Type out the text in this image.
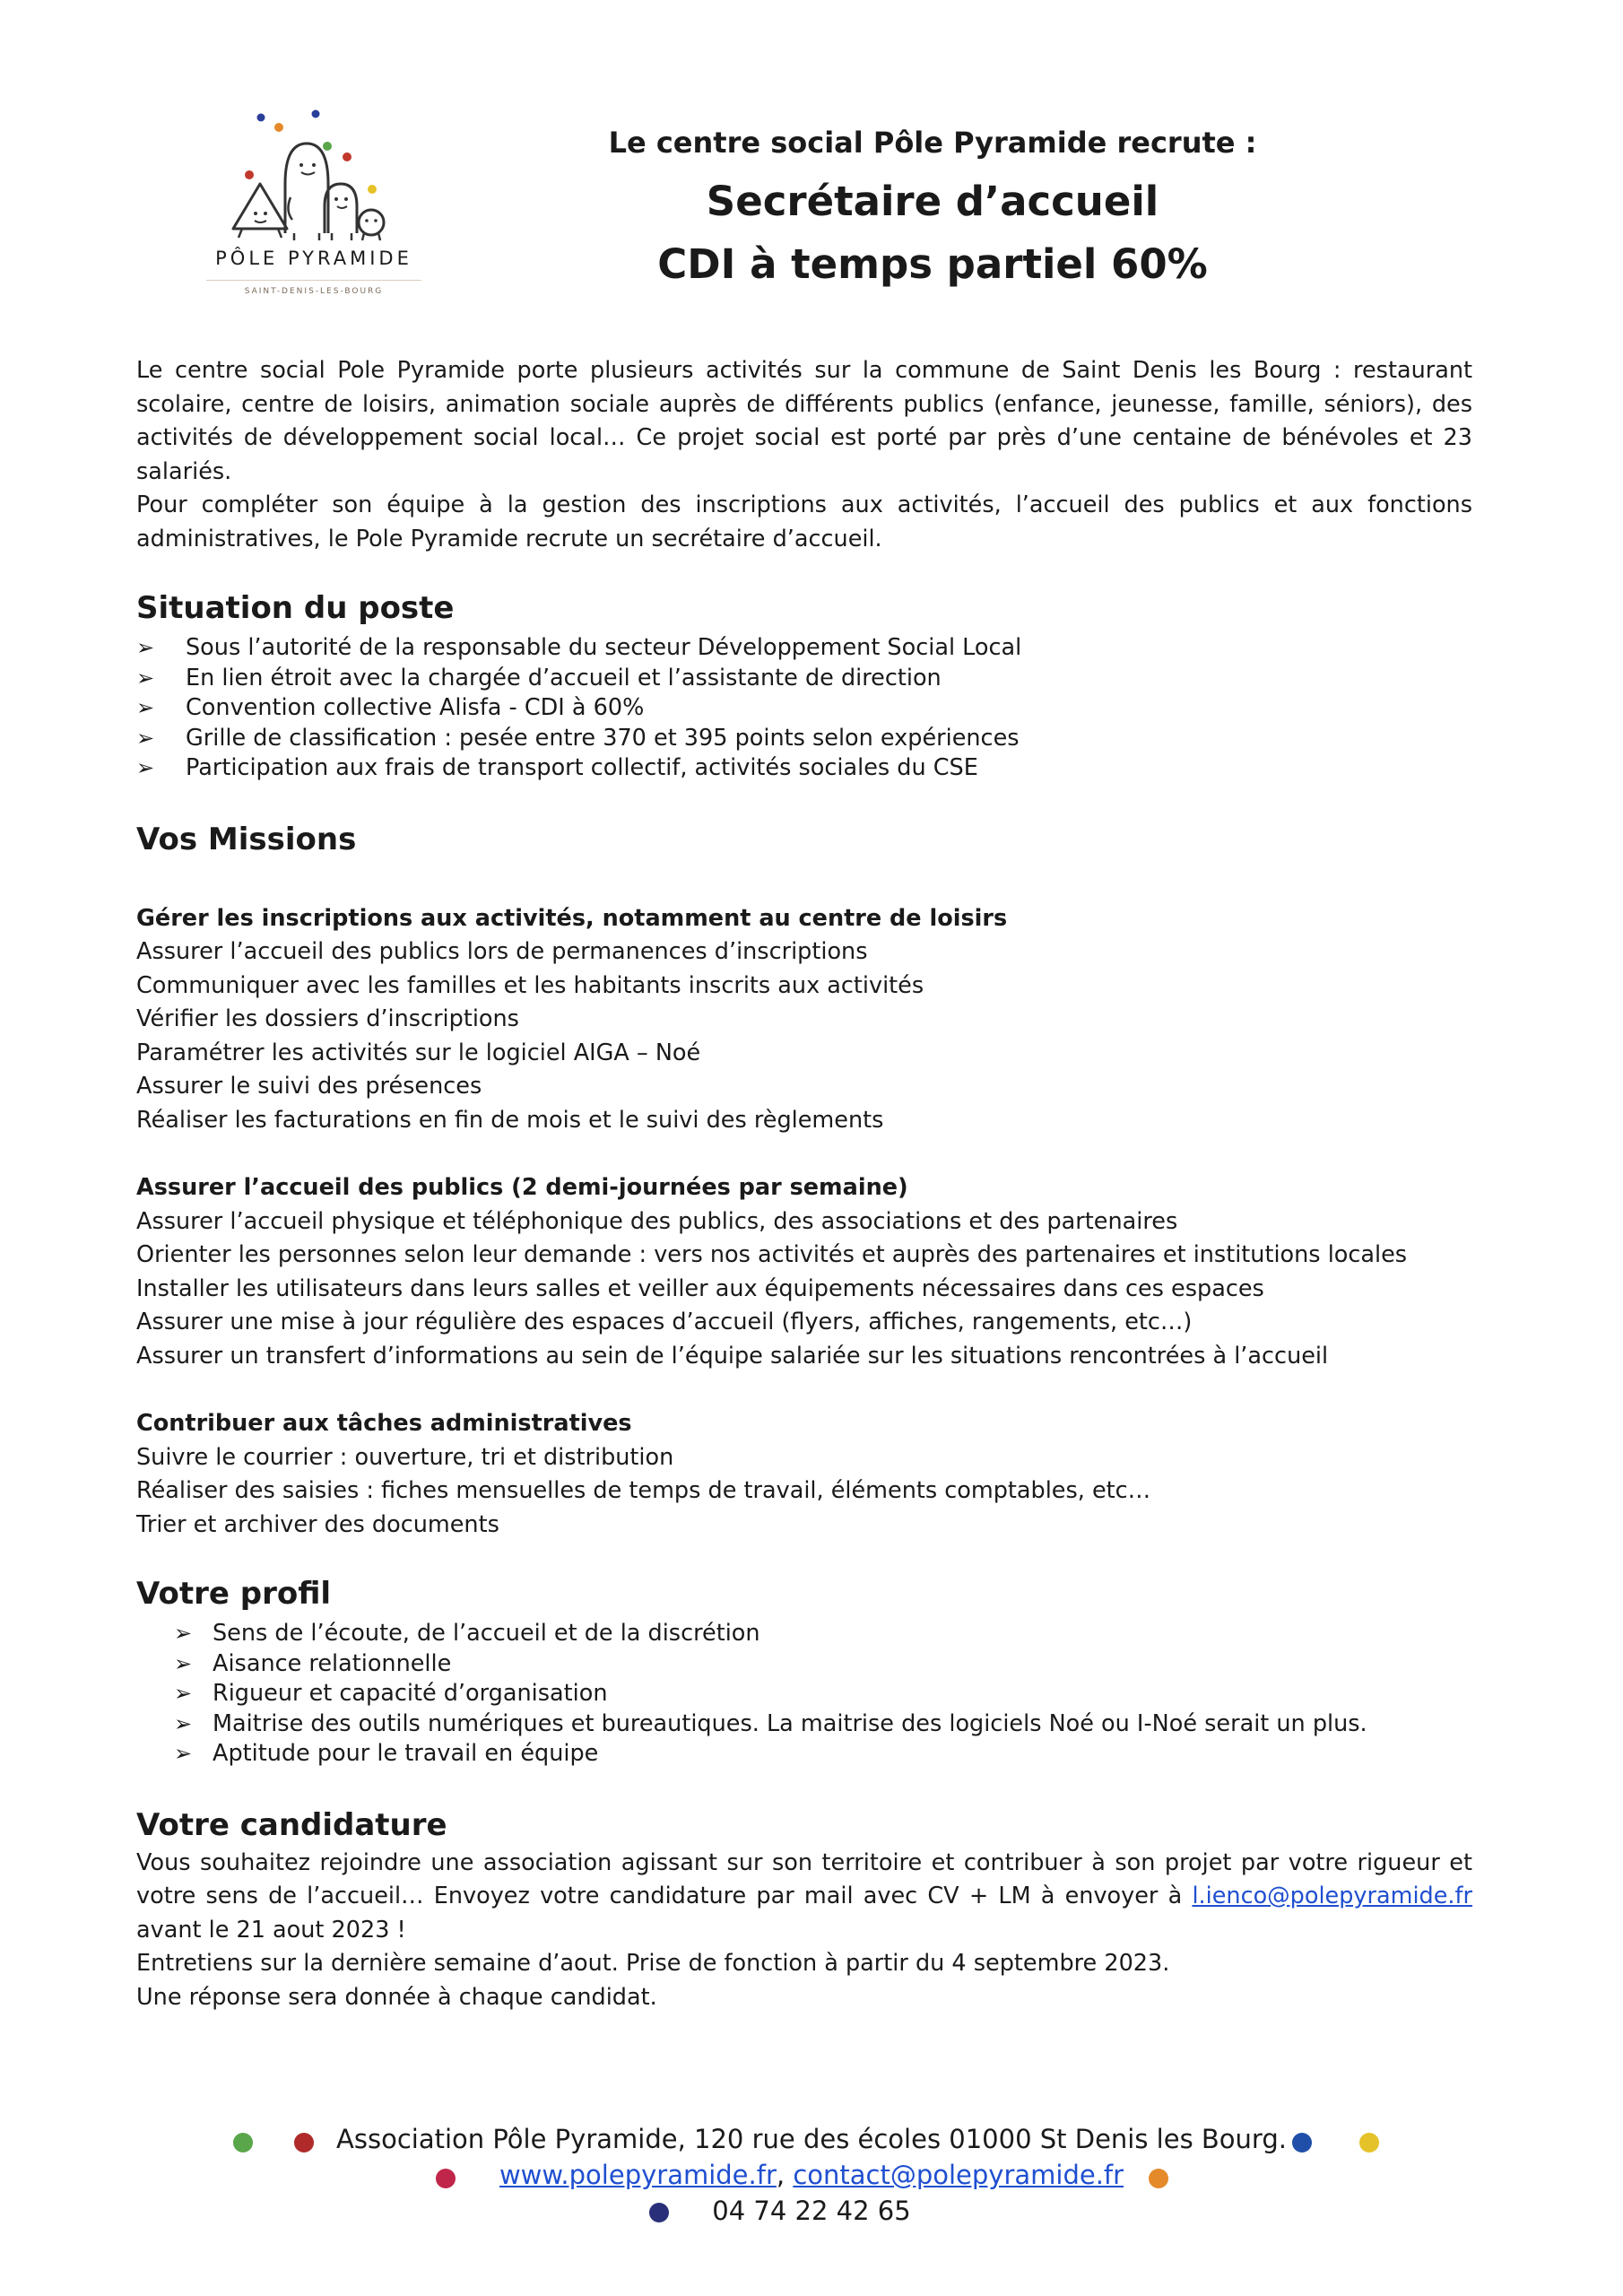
PÔLE PYRAMIDE
SAINT-DENIS-LES-BOURG
Le centre social Pôle Pyramide recrute :
Secrétaire d’accueil
CDI à temps partiel 60%

Le centre social Pole Pyramide porte plusieurs activités sur la commune de Saint Denis les Bourg : restaurant scolaire, centre de loisirs, animation sociale auprès de différents publics (enfance, jeunesse, famille, séniors), des activités de développement social local… Ce projet social est porté par près d’une centaine de bénévoles et 23 salariés.

Pour compléter son équipe à la gestion des inscriptions aux activités, l’accueil des publics et aux fonctions administratives, le Pole Pyramide recrute un secrétaire d’accueil.

Situation du poste
➢ Sous l’autorité de la responsable du secteur Développement Social Local
➢ En lien étroit avec la chargée d’accueil et l’assistante de direction
➢ Convention collective Alisfa - CDI à 60%
➢ Grille de classification : pesée entre 370 et 395 points selon expériences
➢ Participation aux frais de transport collectif, activités sociales du CSE
Vos Missions

Gérer les inscriptions aux activités, notamment au centre de loisirs

Assurer l’accueil des publics lors de permanences d’inscriptions

Communiquer avec les familles et les habitants inscrits aux activités

Vérifier les dossiers d’inscriptions

Paramétrer les activités sur le logiciel AIGA – Noé

Assurer le suivi des présences

Réaliser les facturations en fin de mois et le suivi des règlements

Assurer l’accueil des publics (2 demi-journées par semaine)

Assurer l’accueil physique et téléphonique des publics, des associations et des partenaires

Orienter les personnes selon leur demande : vers nos activités et auprès des partenaires et institutions locales

Installer les utilisateurs dans leurs salles et veiller aux équipements nécessaires dans ces espaces

Assurer une mise à jour régulière des espaces d’accueil (flyers, affiches, rangements, etc…)

Assurer un transfert d’informations au sein de l’équipe salariée sur les situations rencontrées à l’accueil

Contribuer aux tâches administratives

Suivre le courrier : ouverture, tri et distribution

Réaliser des saisies : fiches mensuelles de temps de travail, éléments comptables, etc…

Trier et archiver des documents

Votre profil
➢ Sens de l’écoute, de l’accueil et de la discrétion
➢ Aisance relationnelle
➢ Rigueur et capacité d’organisation
➢ Maitrise des outils numériques et bureautiques. La maitrise des logiciels Noé ou I-Noé serait un plus.
➢ Aptitude pour le travail en équipe
Votre candidature

Vous souhaitez rejoindre une association agissant sur son territoire et contribuer à son projet par votre rigueur et votre sens de l’accueil… Envoyez votre candidature par mail avec CV + LM à envoyer à l.ienco@polepyramide.fr avant le 21 aout 2023 !

Entretiens sur la dernière semaine d’aout. Prise de fonction à partir du 4 septembre 2023.

Une réponse sera donnée à chaque candidat.

Association Pôle Pyramide, 120 rue des écoles 01000 St Denis les Bourg.
www.polepyramide.fr, contact@polepyramide.fr
04 74 22 42 65
